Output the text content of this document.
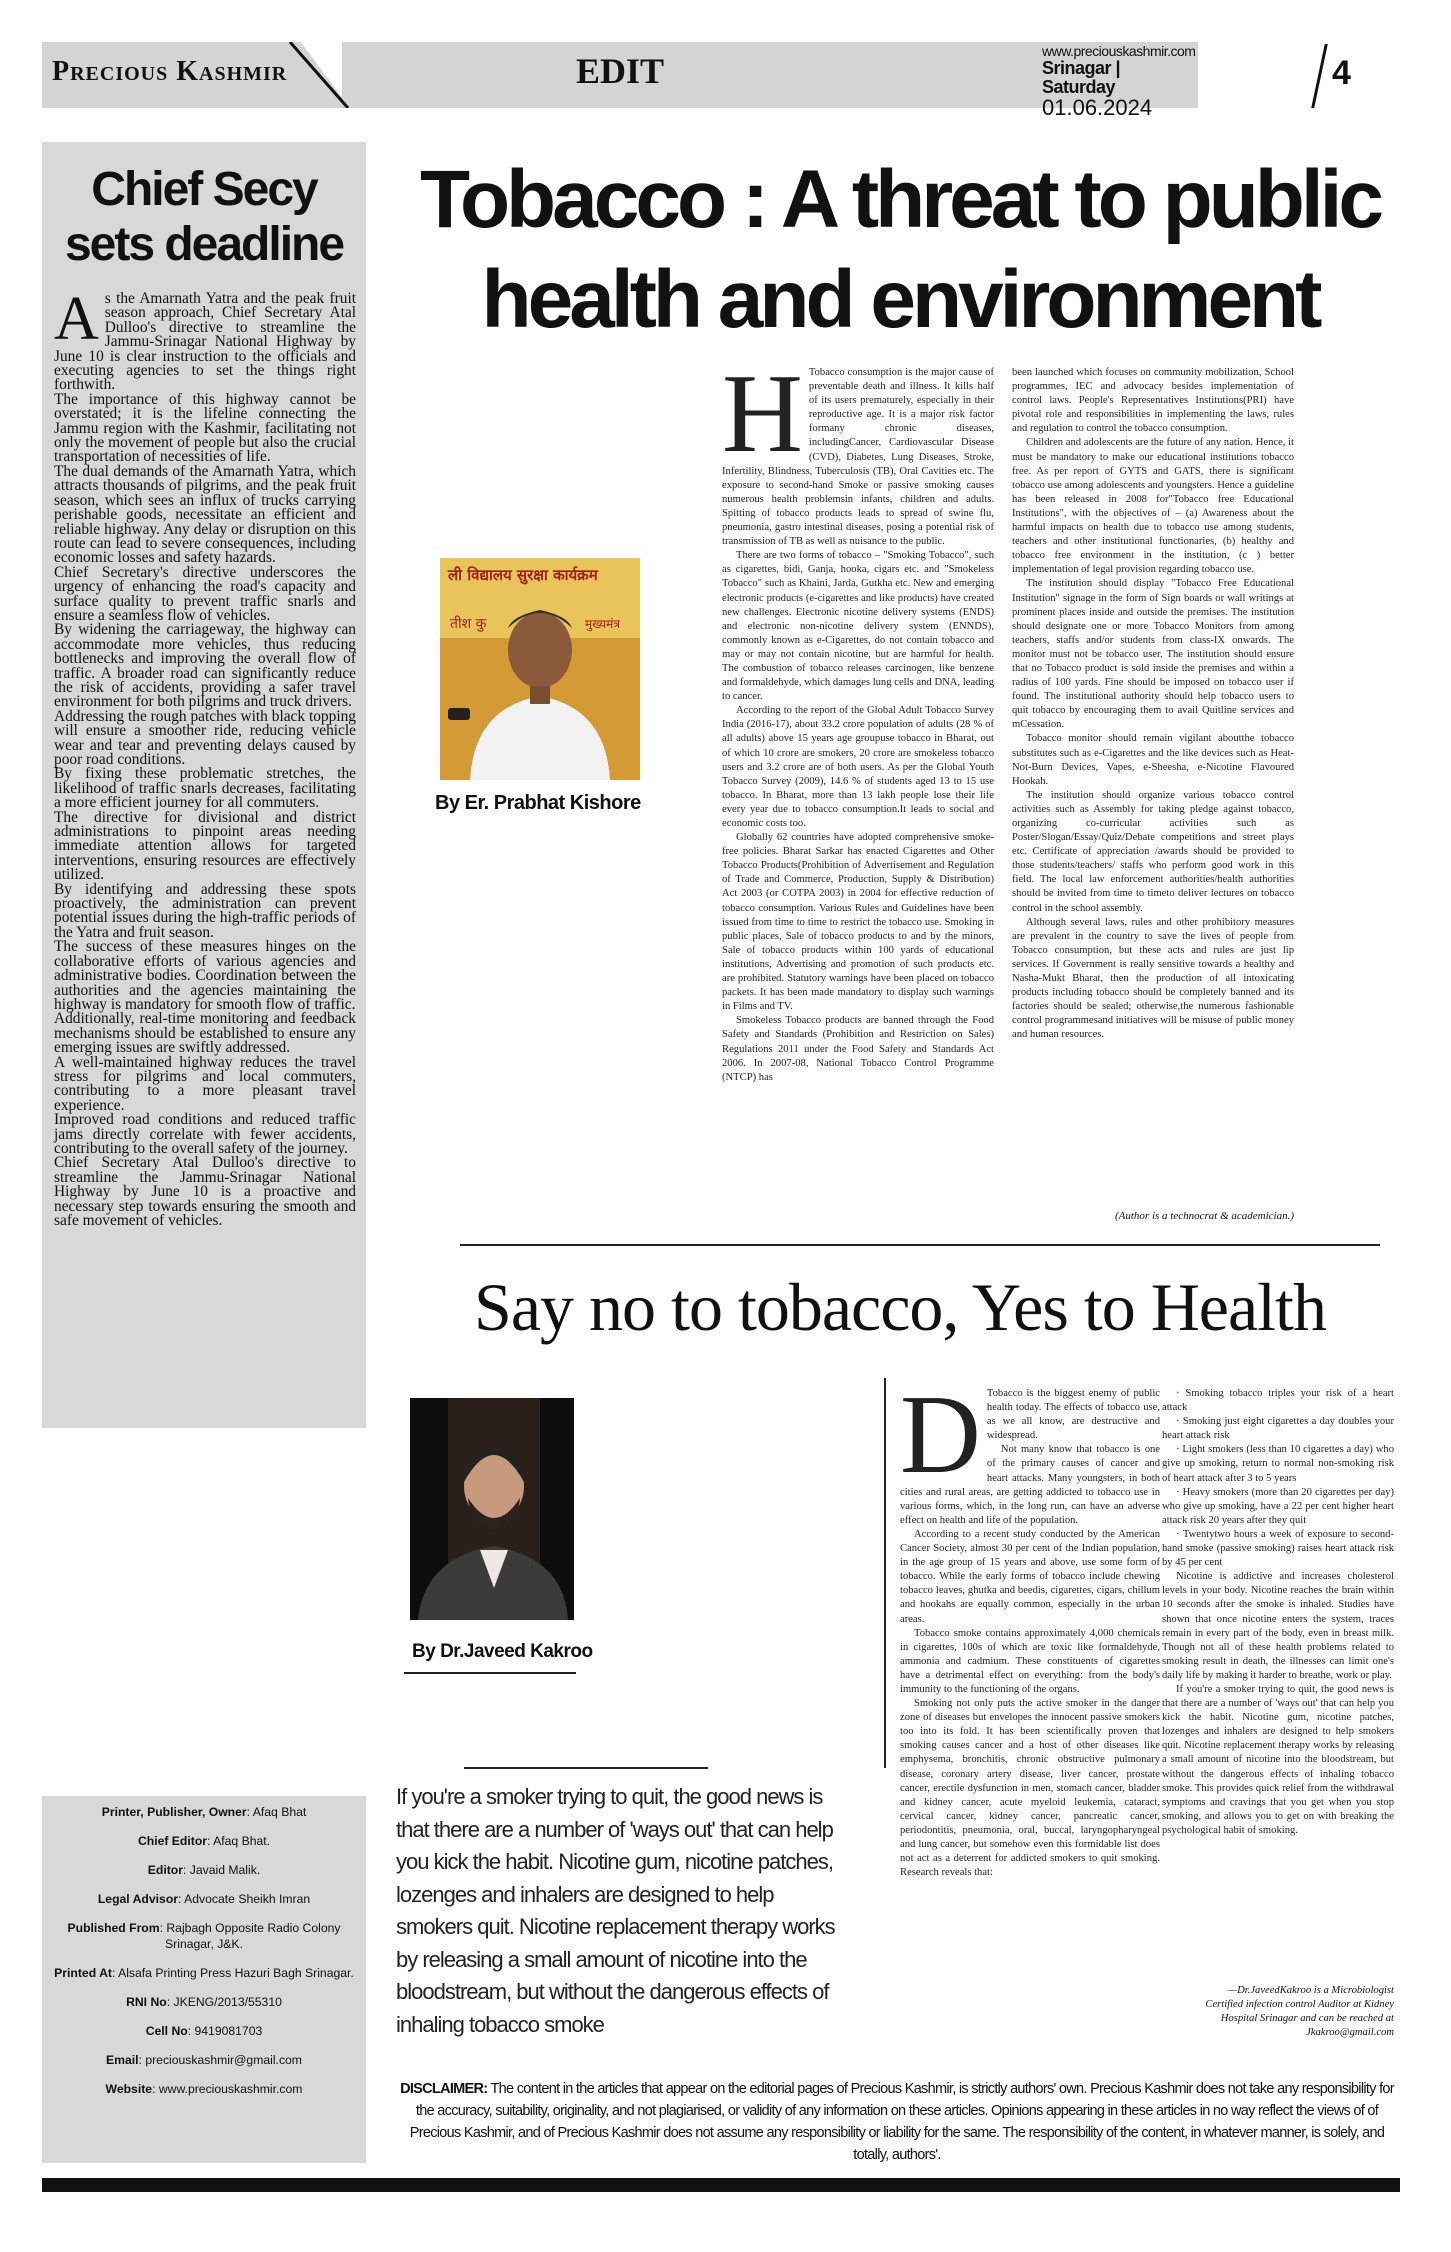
Precious Kashmir	EDIT	www.preciouskashmir.com
Srinagar | Saturday
01.06.2024
4
Chief Secy
sets deadline

As the Amarnath Yatra and the peak fruit season approach, Chief Secretary Atal Dulloo's directive to streamline the Jammu-Srinagar National Highway by June 10 is clear instruction to the officials and executing agencies to set the things right forthwith.

The importance of this highway cannot be overstated; it is the lifeline connecting the Jammu region with the Kashmir, facilitating not only the movement of people but also the crucial transportation of necessities of life.

The dual demands of the Amarnath Yatra, which attracts thousands of pilgrims, and the peak fruit season, which sees an influx of trucks carrying perishable goods, necessitate an efficient and reliable highway. Any delay or disruption on this route can lead to severe consequences, including economic losses and safety hazards.

Chief Secretary's directive underscores the urgency of enhancing the road's capacity and surface quality to prevent traffic snarls and ensure a seamless flow of vehicles.

By widening the carriageway, the highway can accommodate more vehicles, thus reducing bottlenecks and improving the overall flow of traffic. A broader road can significantly reduce the risk of accidents, providing a safer travel environment for both pilgrims and truck drivers.

Addressing the rough patches with black topping will ensure a smoother ride, reducing vehicle wear and tear and preventing delays caused by poor road conditions.

By fixing these problematic stretches, the likelihood of traffic snarls decreases, facilitating a more efficient journey for all commuters.

The directive for divisional and district administrations to pinpoint areas needing immediate attention allows for targeted interventions, ensuring resources are effectively utilized.

By identifying and addressing these spots proactively, the administration can prevent potential issues during the high-traffic periods of the Yatra and fruit season.

The success of these measures hinges on the collaborative efforts of various agencies and administrative bodies. Coordination between the authorities and the agencies maintaining the highway is mandatory for smooth flow of traffic.

Additionally, real-time monitoring and feedback mechanisms should be established to ensure any emerging issues are swiftly addressed.

A well-maintained highway reduces the travel stress for pilgrims and local commuters, contributing to a more pleasant travel experience.

Improved road conditions and reduced traffic jams directly correlate with fewer accidents, contributing to the overall safety of the journey.

Chief Secretary Atal Dulloo's directive to streamline the Jammu-Srinagar National Highway by June 10 is a proactive and necessary step towards ensuring the smooth and safe movement of vehicles.

Tobacco : A threat to public
health and environment
ली विद्यालय सुरक्षा कार्यक्रम
तीश कु	मुख्यमंत्र
By Er. Prabhat Kishore

H Tobacco consumption is the major cause of preventable death and illness. It kills half of its users prematurely, especially in their reproductive age. It is a major risk factor formany chronic diseases, includingCancer, Cardiovascular Disease (CVD), Diabetes, Lung Diseases, Stroke, Infertility, Blindness, Tuberculosis (TB), Oral Cavities etc. The exposure to second-hand Smoke or passive smoking causes numerous health problemsin infants, children and adults. Spitting of tobacco products leads to spread of swine flu, pneumonia, gastro intestinal diseases, posing a potential risk of transmission of TB as well as nuisance to the public.

There are two forms of tobacco – "Smoking Tobacco", such as cigarettes, bidi, Ganja, hooka, cigars etc. and "Smokeless Tobacco" such as Khaini, Jarda, Gutkha etc. New and emerging electronic products (e-cigarettes and like products) have created new challenges. Electronic nicotine delivery systems (ENDS) and electronic non-nicotine delivery system (ENNDS), commonly known as e-Cigarettes, do not contain tobacco and may or may not contain nicotine, but are harmful for health. The combustion of tobacco releases carcinogen, like benzene and formaldehyde, which damages lung cells and DNA, leading to cancer.

According to the report of the Global Adult Tobacco Survey India (2016-17), about 33.2 crore population of adults (28 % of all adults) above 15 years age groupuse tobacco in Bharat, out of which 10 crore are smokers, 20 crore are smokeless tobacco users and 3.2 crore are of both users. As per the Global Youth Tobacco Survey (2009), 14.6 % of students aged 13 to 15 use tobacco. In Bharat, more than 13 lakh people lose their life every year due to tobacco consumption.It leads to social and economic costs too.

Globally 62 countries have adopted comprehensive smoke-free policies. Bharat Sarkar has enacted Cigarettes and Other Tobacco Products(Prohibition of Advertisement and Regulation of Trade and Commerce, Production, Supply & Distribution) Act 2003 (or COTPA 2003) in 2004 for effective reduction of tobacco consumption. Various Rules and Guidelines have been issued from time to time to restrict the tobacco use. Smoking in public places, Sale of tobacco products to and by the minors, Sale of tobacco products within 100 yards of educational institutions, Advertising and promotion of such products etc. are prohibited. Statutory warnings have been placed on tobacco packets. It has been made mandatory to display such warnings in Films and TV.

Smokeless Tobacco products are banned through the Food Safety and Standards (Prohibition and Restriction on Sales) Regulations 2011 under the Food Safety and Standards Act 2006. In 2007-08, National Tobacco Control Programme (NTCP) has

been launched which focuses on community mobilization, School programmes, IEC and advocacy besides implementation of control laws. People's Representatives Institutions(PRI) have pivotal role and responsibilities in implementing the laws, rules and regulation to control the tobacco consumption.

Children and adolescents are the future of any nation. Hence, it must be mandatory to make our educational institutions tobacco free. As per report of GYTS and GATS, there is significant tobacco use among adolescents and youngsters. Hence a guideline has been released in 2008 for"Tobacco free Educational Institutions", with the objectives of – (a) Awareness about the harmful impacts on health due to tobacco use among students, teachers and other institutional functionaries, (b) healthy and tobacco free environment in the institution, (c ) better implementation of legal provision regarding tobacco use.

The institution should display "Tobacco Free Educational Institution" signage in the form of Sign boards or wall writings at prominent places inside and outside the premises. The institution should designate one or more Tobacco Monitors from among teachers, staffs and/or students from class-IX onwards. The monitor must not be tobacco user. The institution should ensure that no Tobacco product is sold inside the premises and within a radius of 100 yards. Fine should be imposed on tobacco user if found. The institutional authority should help tobacco users to quit tobacco by encouraging them to avail Quitline services and mCessation.

Tobacco monitor should remain vigilant aboutthe tobacco substitutes such as e-Cigarettes and the like devices such as Heat-Not-Burn Devices, Vapes, e-Sheesha, e-Nicotine Flavoured Hookah.

The institution should organize various tobacco control activities such as Assembly for taking pledge against tobacco, organizing co-curricular activities such as Poster/Slogan/Essay/Quiz/Debate competitions and street plays etc. Certificate of appreciation /awards should be provided to those students/teachers/ staffs who perform good work in this field. The local law enforcement authorities/health authorities should be invited from time to timeto deliver lectures on tobacco control in the school assembly.

Although several laws, rules and other prohibitory measures are prevalent in the country to save the lives of people from Tobacco consumption, but these acts and rules are just lip services. If Government is really sensitive towards a healthy and Nasha-Mukt Bharat, then the production of all intoxicating products including tobacco should be completely banned and its factories should be sealed; otherwise,the numerous fashionable control programmesand initiatives will be misuse of public money and human resources.

(Author is a technocrat & academician.)
Say no to tobacco, Yes to Health
By Dr.Javeed Kakroo
If you're a smoker trying to quit, the good news is that there are a number of 'ways out' that can help you kick the habit. Nicotine gum, nicotine patches, lozenges and inhalers are designed to help smokers quit. Nicotine replacement therapy works by releasing a small amount of nicotine into the bloodstream, but without the dangerous effects of inhaling tobacco smoke

D Tobacco is the biggest enemy of public health today. The effects of tobacco use, as we all know, are destructive and widespread.

Not many know that tobacco is one of the primary causes of cancer and heart attacks. Many youngsters, in both cities and rural areas, are getting addicted to tobacco use in various forms, which, in the long run, can have an adverse effect on health and life of the population.

According to a recent study conducted by the American Cancer Society, almost 30 per cent of the Indian population, in the age group of 15 years and above, use some form of tobacco. While the early forms of tobacco include chewing tobacco leaves, ghutka and beedis, cigarettes, cigars, chillum and hookahs are equally common, especially in the urban areas.

Tobacco smoke contains approximately 4,000 chemicals in cigarettes, 100s of which are toxic like formaldehyde, ammonia and cadmium. These constituents of cigarettes have a detrimental effect on everything: from the body's immunity to the functioning of the organs.

Smoking not only puts the active smoker in the danger zone of diseases but envelopes the innocent passive smokers too into its fold. It has been scientifically proven that smoking causes cancer and a host of other diseases like emphysema, bronchitis, chronic obstructive pulmonary disease, coronary artery disease, liver cancer, prostate cancer, erectile dysfunction in men, stomach cancer, bladder and kidney cancer, acute myeloid leukemia, cataract, cervical cancer, kidney cancer, pancreatic cancer, periodontitis, pneumonia, oral, buccal, laryngopharyngeal and lung cancer, but somehow even this formidable list does not act as a deterrent for addicted smokers to quit smoking. Research reveals that:

· Smoking tobacco triples your risk of a heart attack

· Smoking just eight cigarettes a day doubles your heart attack risk

· Light smokers (less than 10 cigarettes a day) who give up smoking, return to normal non-smoking risk of heart attack after 3 to 5 years

· Heavy smokers (more than 20 cigarettes per day) who give up smoking, have a 22 per cent higher heart attack risk 20 years after they quit

· Twentytwo hours a week of exposure to second-hand smoke (passive smoking) raises heart attack risk by 45 per cent

Nicotine is addictive and increases cholesterol levels in your body. Nicotine reaches the brain within 10 seconds after the smoke is inhaled. Studies have shown that once nicotine enters the system, traces remain in every part of the body, even in breast milk. Though not all of these health problems related to smoking result in death, the illnesses can limit one's daily life by making it harder to breathe, work or play.

If you're a smoker trying to quit, the good news is that there are a number of 'ways out' that can help you kick the habit. Nicotine gum, nicotine patches, lozenges and inhalers are designed to help smokers quit. Nicotine replacement therapy works by releasing a small amount of nicotine into the bloodstream, but without the dangerous effects of inhaling tobacco smoke. This provides quick relief from the withdrawal symptoms and cravings that you get when you stop smoking, and allows you to get on with breaking the psychological habit of smoking.

—Dr.JaveedKakroo is a Microbiologist
Certified infection control Auditor at Kidney
Hospital Srinagar and can be reached at
Jkakroo@gmail.com
Printer, Publisher, Owner: Afaq Bhat
Chief Editor: Afaq Bhat.
Editor: Javaid Malik.
Legal Advisor: Advocate Sheikh Imran
Published From: Rajbagh Opposite Radio Colony Srinagar, J&K.
Printed At: Alsafa Printing Press Hazuri Bagh Srinagar.
RNI No: JKENG/2013/55310
Cell No: 9419081703
Email: preciouskashmir@gmail.com
Website: www.preciouskashmir.com	DISCLAIMER: The content in the articles that appear on the editorial pages of Precious Kashmir, is strictly authors' own. Precious Kashmir does not take any responsibility for the accuracy, suitability, originality, and not plagiarised, or validity of any information on these articles. Opinions appearing in these articles in no way reflect the views of of Precious Kashmir, and of Precious Kashmir does not assume any responsibility or liability for the same. The responsibility of the content, in whatever manner, is solely, and totally, authors'.
